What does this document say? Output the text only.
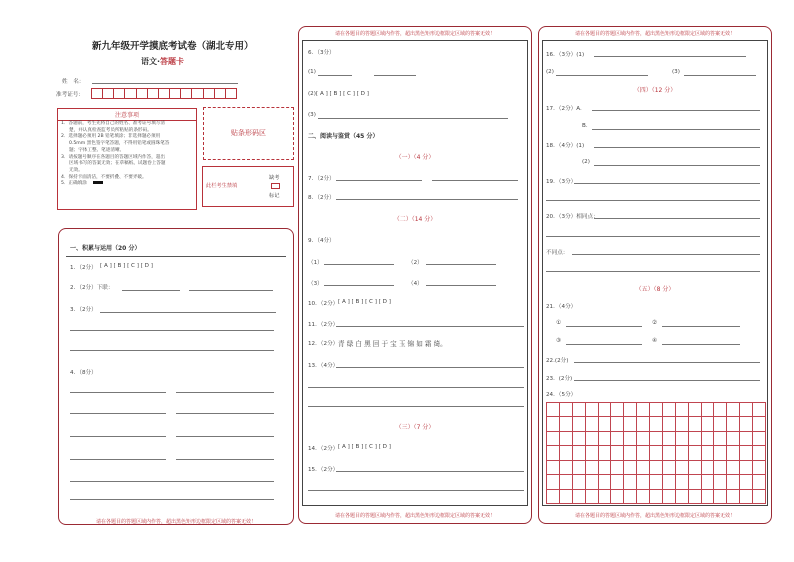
新九年级开学摸底考试卷（湖北专用）
语文·答题卡
姓　名：
准考证号：
注意事项
1．答题前，考生先将自己的姓名、准考证号填写清
楚，并认真检查监考员所粘贴的条形码。
2．选择题必须用 2B 铅笔填涂；非选择题必须用
0.5mm 黑色签字笔答题，不得用铅笔或圆珠笔答
题；字体工整、笔迹清晰。
3．请按题号顺序在各题目的答题区域内作答，超出
区域书写的答案无效；在草稿纸、试题卷上答题
无效。
4．保持卡面清洁，不要折叠、不要弄破。
5．正确填涂
贴条形码区
此栏考生禁填
缺考
标记
一、积累与运用（20 分）
1．（2分） [ A ] [ B ] [ C ] [ D ]
2．（2分）下联：
3．（2分）
4．（8分）
请在各题目的答题区域内作答，超出黑色矩形边框限定区域的答案无效！
请在各题目的答题区域内作答，超出黑色矩形边框限定区域的答案无效！
6．（3分）
(1)
(2) [ A ] [ B ] [ C ] [ D ]
(3)
二、阅读与鉴赏（45 分）
（一）（4 分）
7．（2分）
8．（2分）
（二）（14 分）
9．（4分）
（1）	（2）
（3）	（4）
10．（2分） [ A ] [ B ] [ C ] [ D ]
11．（2分）
12．（2分） 青 绿 白 黑 回 于 宝 玉 锦 如 霜 绮。
13．（4分）
（三）（7 分）
14．（2分） [ A ] [ B ] [ C ] [ D ]
15．（2分）
请在各题目的答题区域内作答，超出黑色矩形边框限定区域的答案无效！
请在各题目的答题区域内作答，超出黑色矩形边框限定区域的答案无效！
16．（3分）(1)
(2)	(3)
（四）（12 分）
17．（2分）A.
B.
18．（4分）(1)
(2)
19．（3分）
20．（3分）相同点：
不同点：
（五）（8 分）
21．（4分）
①	②
③	④
22.(2分)
23．(2分)
24．（5分）
请在各题目的答题区域内作答，超出黑色矩形边框限定区域的答案无效！
